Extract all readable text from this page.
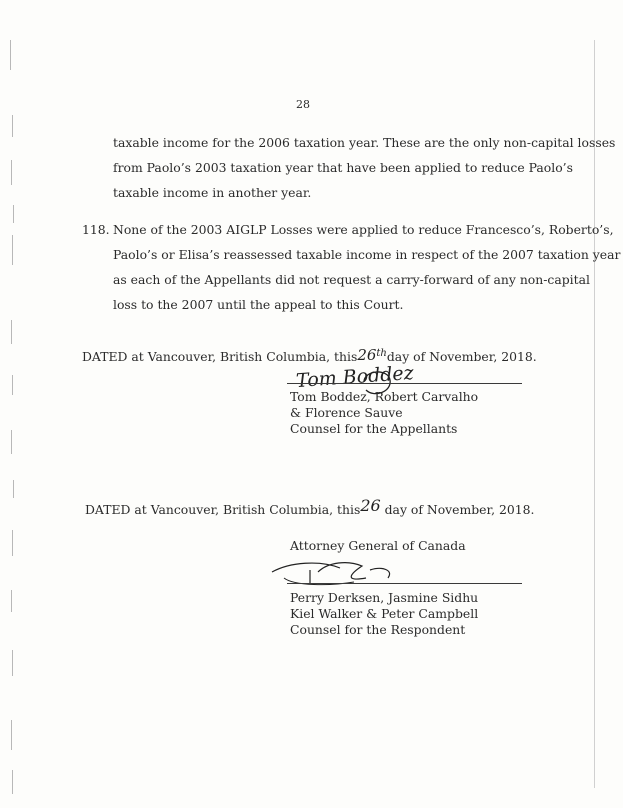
28
taxable income for the 2006 taxation year. These are the only non-capital losses
from Paolo’s 2003 taxation year that have been applied to reduce Paolo’s
taxable income in another year.
118. None of the 2003 AIGLP Losses were applied to reduce Francesco’s, Roberto’s,
Paolo’s or Elisa’s reassessed taxable income in respect of the 2007 taxation year
as each of the Appellants did not request a carry-forward of any non-capital
loss to the 2007 until the appeal to this Court.
DATED at Vancouver, British Columbia, this26thday of November, 2018.
Tom Boddez
Tom Boddez, Robert Carvalho
& Florence Sauve
Counsel for the Appellants
DATED at Vancouver, British Columbia, this26 day of November, 2018.
Attorney General of Canada
Perry Derksen, Jasmine Sidhu
Kiel Walker & Peter Campbell
Counsel for the Respondent
